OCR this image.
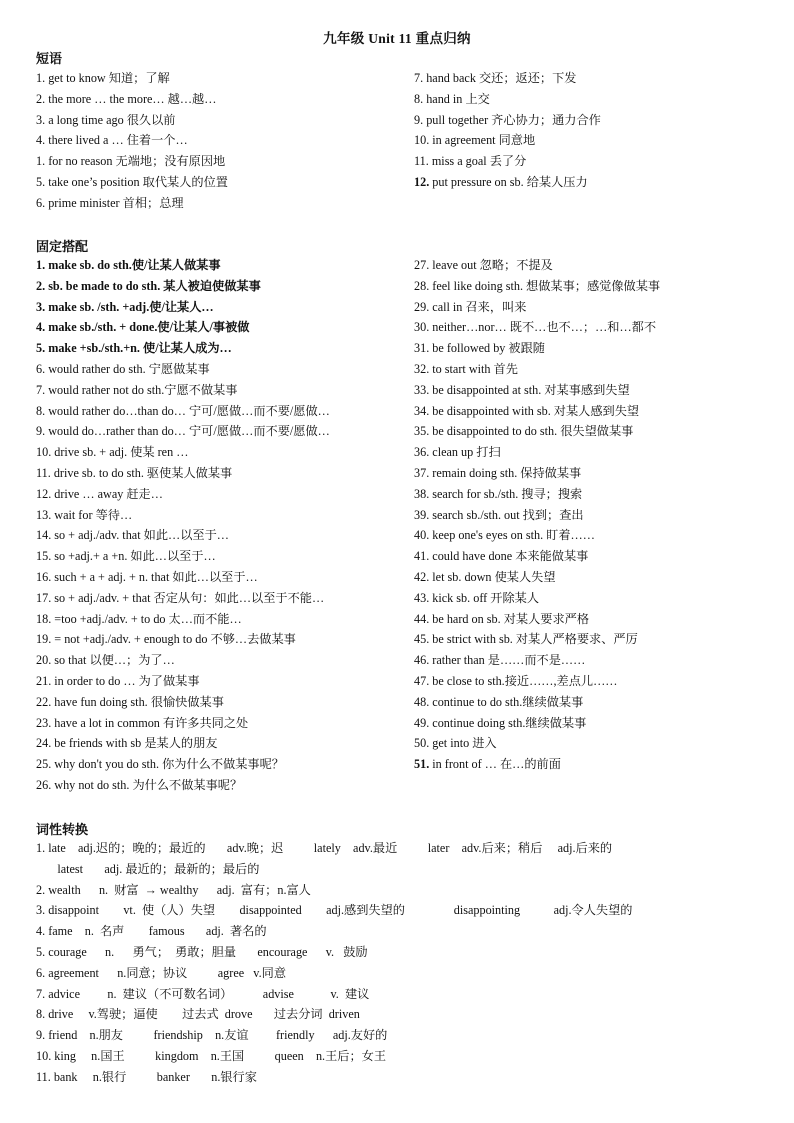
九年级 Unit 11 重点归纳
短语
1. get to know 知道；了解
2. the more … the more… 越…越…
3. a long time ago 很久以前
4. there lived a … 住着一个…
1. for no reason 无端地；没有原因地
5. take one’s position 取代某人的位置
6. prime minister 首相；总理
7. hand back 交还；返还；下发
8. hand in 上交
9. pull together 齐心协力；通力合作
10. in agreement 同意地
11. miss a goal 丢了分
12. put pressure on sb. 给某人压力
固定搭配
1. make sb. do sth.使/让某人做某事
2. sb. be made to do sth. 某人被迫使做某事
3. make sb. /sth. +adj.使/让某人…
4. make sb./sth. + done.使/让某人/事被做
5. make +sb./sth.+n. 使/让某人成为…
6. would rather do sth. 宁愿做某事
7. would rather not do sth.宁愿不做某事
8. would rather do…than do… 宁可/愿做…而不要/愿做…
9. would do…rather than do… 宁可/愿做…而不要/愿做…
10. drive sb. + adj. 使某 ren …
11. drive sb. to do sth. 驱使某人做某事
12. drive … away 赶走…
13. wait for 等待…
14. so + adj./adv. that 如此…以至于…
15. so +adj.+ a +n. 如此…以至于…
16. such + a + adj. + n. that 如此…以至于…
17. so + adj./adv. + that 否定从句：如此…以至于不能…
18. =too +adj./adv. + to do 太…而不能…
19. = not +adj./adv. + enough to do 不够…去做某事
20. so that 以便…；为了…
21. in order to do … 为了做某事
22. have fun doing sth. 很愉快做某事
23. have a lot in common 有许多共同之处
24. be friends with sb 是某人的朋友
25. why don't you do sth. 你为什么不做某事呢？
26. why not do sth. 为什么不做某事呢？
27. leave out 忽略；不提及
28. feel like doing sth. 想做某事；感觉像做某事
29. call in 召来，叫来
30. neither…nor… 既不…也不…；…和…都不
31. be followed by 被跟随
32. to start with 首先
33. be disappointed at sth. 对某事感到失望
34. be disappointed with sb. 对某人感到失望
35. be disappointed to do sth. 很失望做某事
36. clean up 打扫
37. remain doing sth. 保持做某事
38. search for sb./sth. 搜寻；搜索
39. search sb./sth. out 找到；查出
40. keep one's eyes on sth. 盯着……
41. could have done 本来能做某事
42. let sb. down 使某人失望
43. kick sb. off 开除某人
44. be hard on sb. 对某人要求严格
45. be strict with sb. 对某人严格要求、严厉
46. rather than 是……而不是……
47. be close to sth.接近……,差点儿……
48. continue to do sth.继续做某事
49. continue doing sth.继续做某事
50. get into 进入
51. in front of … 在…的前面
词性转换
1. late    adj.迟的；晚的；最近的       adv.晚；迟          lately    adv.最近          later    adv.后来；稍后     adj.后来的
latest       adj. 最近的；最新的；最后的
2. wealth      n.  财富  → wealthy      adj.  富有；n.富人
3. disappoint        vt.  使（人）失望        disappointed        adj.感到失望的                disappointing           adj.令人失望的
4. fame    n.  名声        famous       adj.  著名的
5. courage      n.      勇气；  勇敢；胆量       encourage      v.   鼓励
6. agreement      n.同意；协议          agree   v.同意
7. advice         n.  建议（不可数名词）          advise            v.  建议
8. drive     v.驾驶；逼使        过去式  drove       过去分词  driven
9. friend    n.朋友          friendship    n.友谊         friendly      adj.友好的
10. king     n.国王          kingdom    n.王国          queen    n.王后；女王
11. bank     n.银行          banker       n.银行家
